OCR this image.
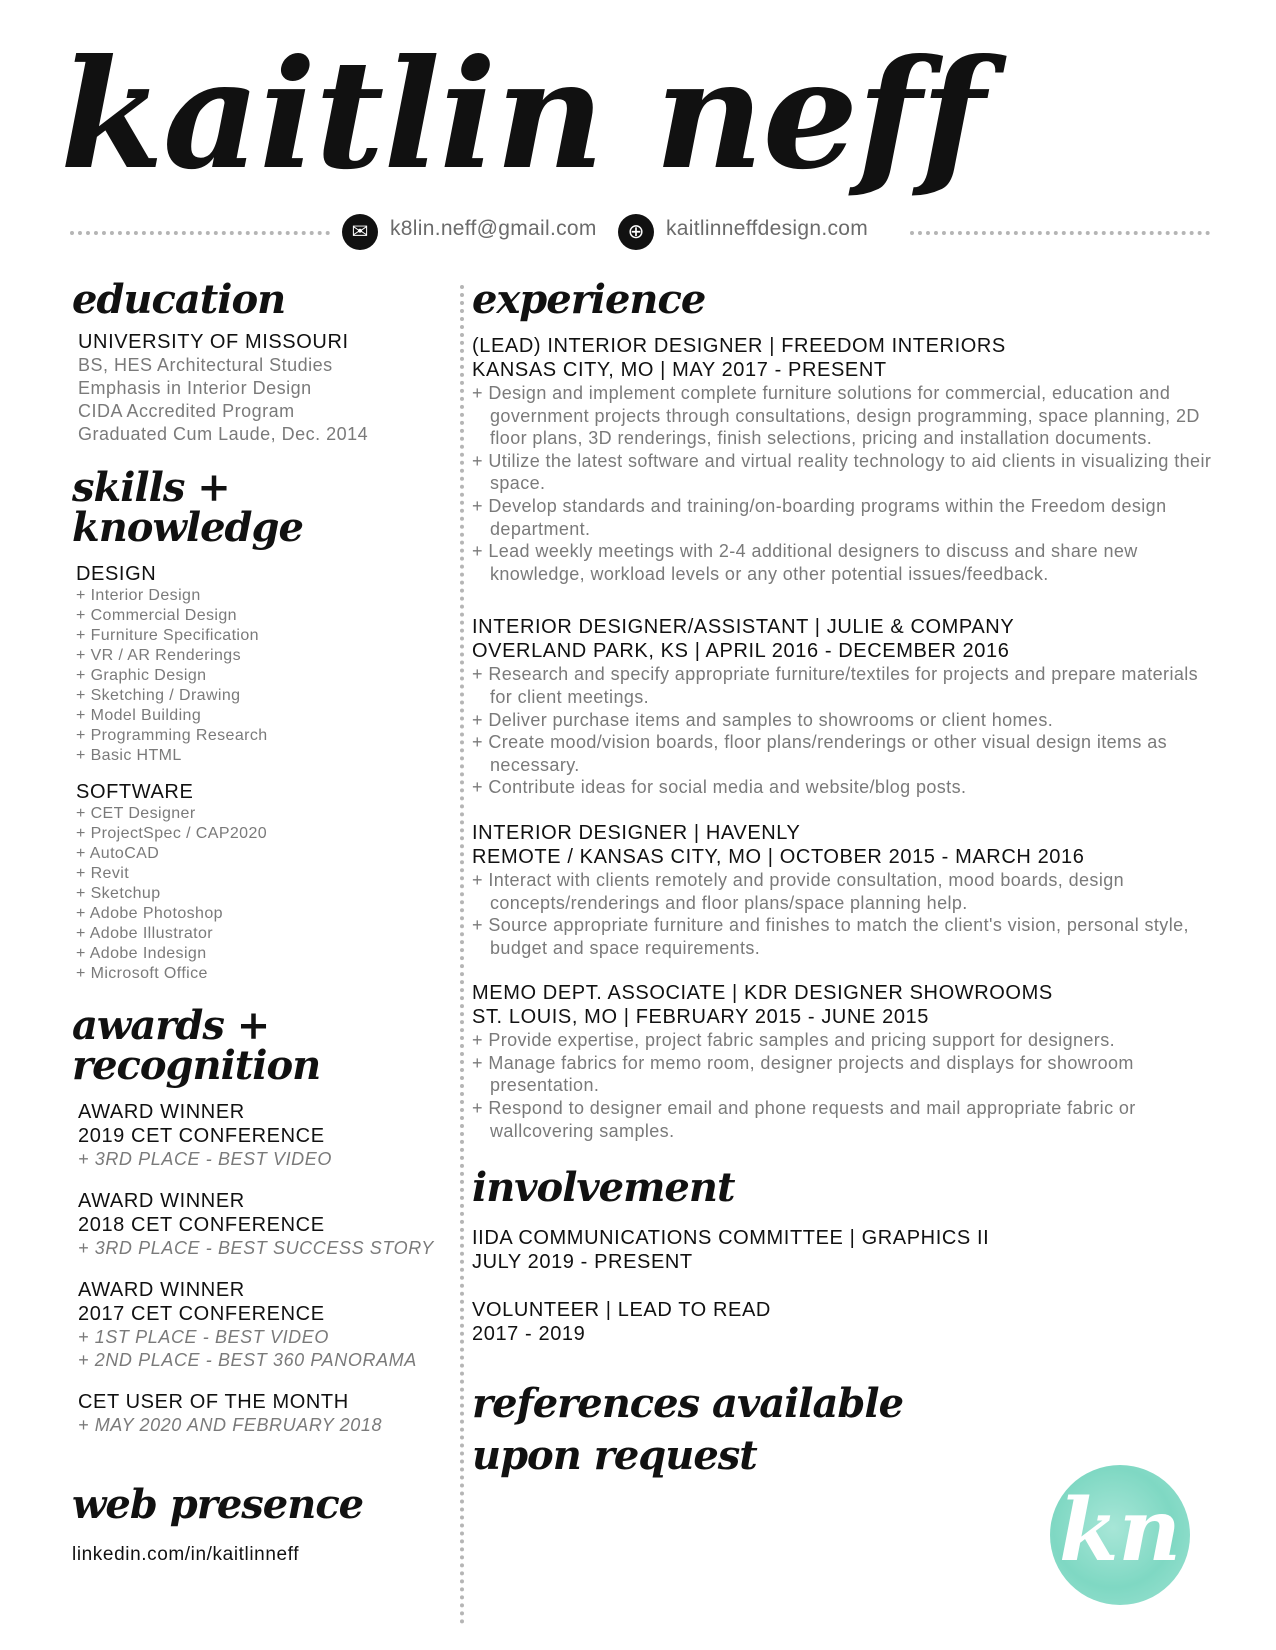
kaitlin neff
✉	k8lin.neff@gmail.com	⊕	kaitlinneffdesign.com
education
UNIVERSITY OF MISSOURI
BS, HES Architectural Studies
Emphasis in Interior Design
CIDA Accredited Program
Graduated Cum Laude, Dec. 2014
skills + knowledge
DESIGN
+ Interior Design
+ Commercial Design
+ Furniture Specification
+ VR / AR Renderings
+ Graphic Design
+ Sketching / Drawing
+ Model Building
+ Programming Research
+ Basic HTML
SOFTWARE
+ CET Designer
+ ProjectSpec / CAP2020
+ AutoCAD
+ Revit
+ Sketchup
+ Adobe Photoshop
+ Adobe Illustrator
+ Adobe Indesign
+ Microsoft Office
awards + recognition
AWARD WINNER
2019 CET CONFERENCE
+ 3RD PLACE - BEST VIDEO
AWARD WINNER
2018 CET CONFERENCE
+ 3RD PLACE - BEST SUCCESS STORY
AWARD WINNER
2017 CET CONFERENCE
+ 1ST PLACE - BEST VIDEO
+ 2ND PLACE - BEST 360 PANORAMA
CET USER OF THE MONTH
+ MAY 2020 AND FEBRUARY 2018
web presence
linkedin.com/in/kaitlinneff
experience
(LEAD) INTERIOR DESIGNER | FREEDOM INTERIORS
KANSAS CITY, MO | MAY 2017 - PRESENT
+ Design and implement complete furniture solutions for commercial, education and government projects through consultations, design programming, space planning, 2D floor plans, 3D renderings, finish selections, pricing and installation documents.
+ Utilize the latest software and virtual reality technology to aid clients in visualizing their space.
+ Develop standards and training/on-boarding programs within the Freedom design department.
+ Lead weekly meetings with 2-4 additional designers to discuss and share new knowledge, workload levels or any other potential issues/feedback.
INTERIOR DESIGNER/ASSISTANT | JULIE & COMPANY
OVERLAND PARK, KS | APRIL 2016 - DECEMBER 2016
+ Research and specify appropriate furniture/textiles for projects and prepare materials for client meetings.
+ Deliver purchase items and samples to showrooms or client homes.
+ Create mood/vision boards, floor plans/renderings or other visual design items as necessary.
+ Contribute ideas for social media and website/blog posts.
INTERIOR DESIGNER | HAVENLY
REMOTE / KANSAS CITY, MO | OCTOBER 2015 - MARCH 2016
+ Interact with clients remotely and provide consultation, mood boards, design concepts/renderings and floor plans/space planning help.
+ Source appropriate furniture and finishes to match the client's vision, personal style, budget and space requirements.
MEMO DEPT. ASSOCIATE | KDR DESIGNER SHOWROOMS
ST. LOUIS, MO | FEBRUARY 2015 - JUNE 2015
+ Provide expertise, project fabric samples and pricing support for designers.
+ Manage fabrics for memo room, designer projects and displays for showroom presentation.
+ Respond to designer email and phone requests and mail appropriate fabric or wallcovering samples.
involvement
IIDA COMMUNICATIONS COMMITTEE | GRAPHICS II
JULY 2019 - PRESENT
VOLUNTEER | LEAD TO READ
2017 - 2019
references available
upon request
kn
